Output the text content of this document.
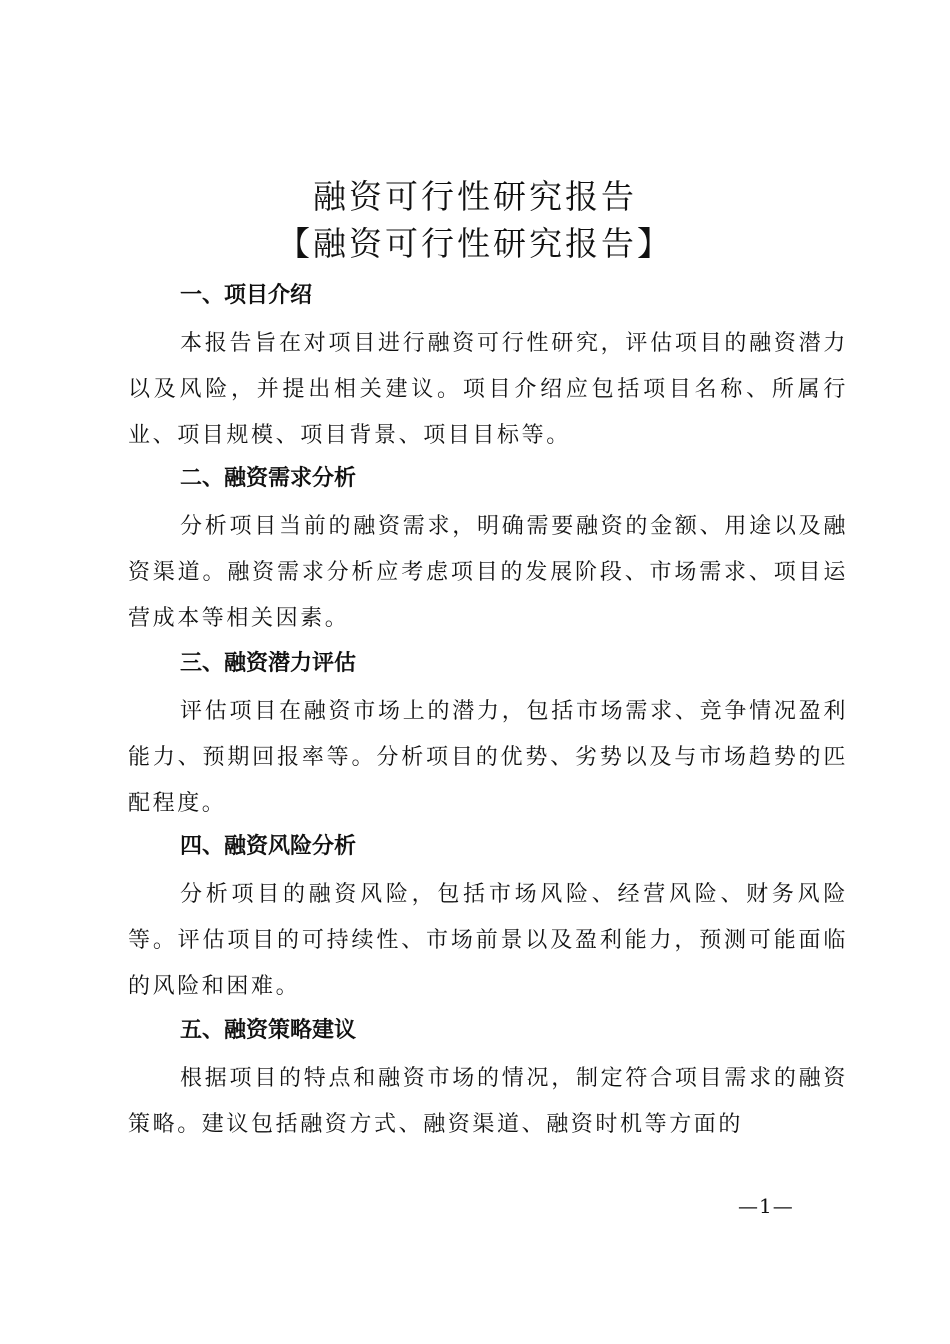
融资可行性研究报告
【融资可行性研究报告】
一、项目介绍

本报告旨在对项目进行融资可行性研究，评估项目的融资潜力以及风险，并提出相关建议。项目介绍应包括项目名称、所属行业、项目规模、项目背景、项目目标等。

二、融资需求分析

分析项目当前的融资需求，明确需要融资的金额、用途以及融资渠道。融资需求分析应考虑项目的发展阶段、市场需求、项目运营成本等相关因素。

三、融资潜力评估

评估项目在融资市场上的潜力，包括市场需求、竞争情况盈利能力、预期回报率等。分析项目的优势、劣势以及与市场趋势的匹配程度。

四、融资风险分析

分析项目的融资风险，包括市场风险、经营风险、财务风险等。评估项目的可持续性、市场前景以及盈利能力，预测可能面临的风险和困难。

五、融资策略建议

根据项目的特点和融资市场的情况，制定符合项目需求的融资策略。建议包括融资方式、融资渠道、融资时机等方面的

—1—
